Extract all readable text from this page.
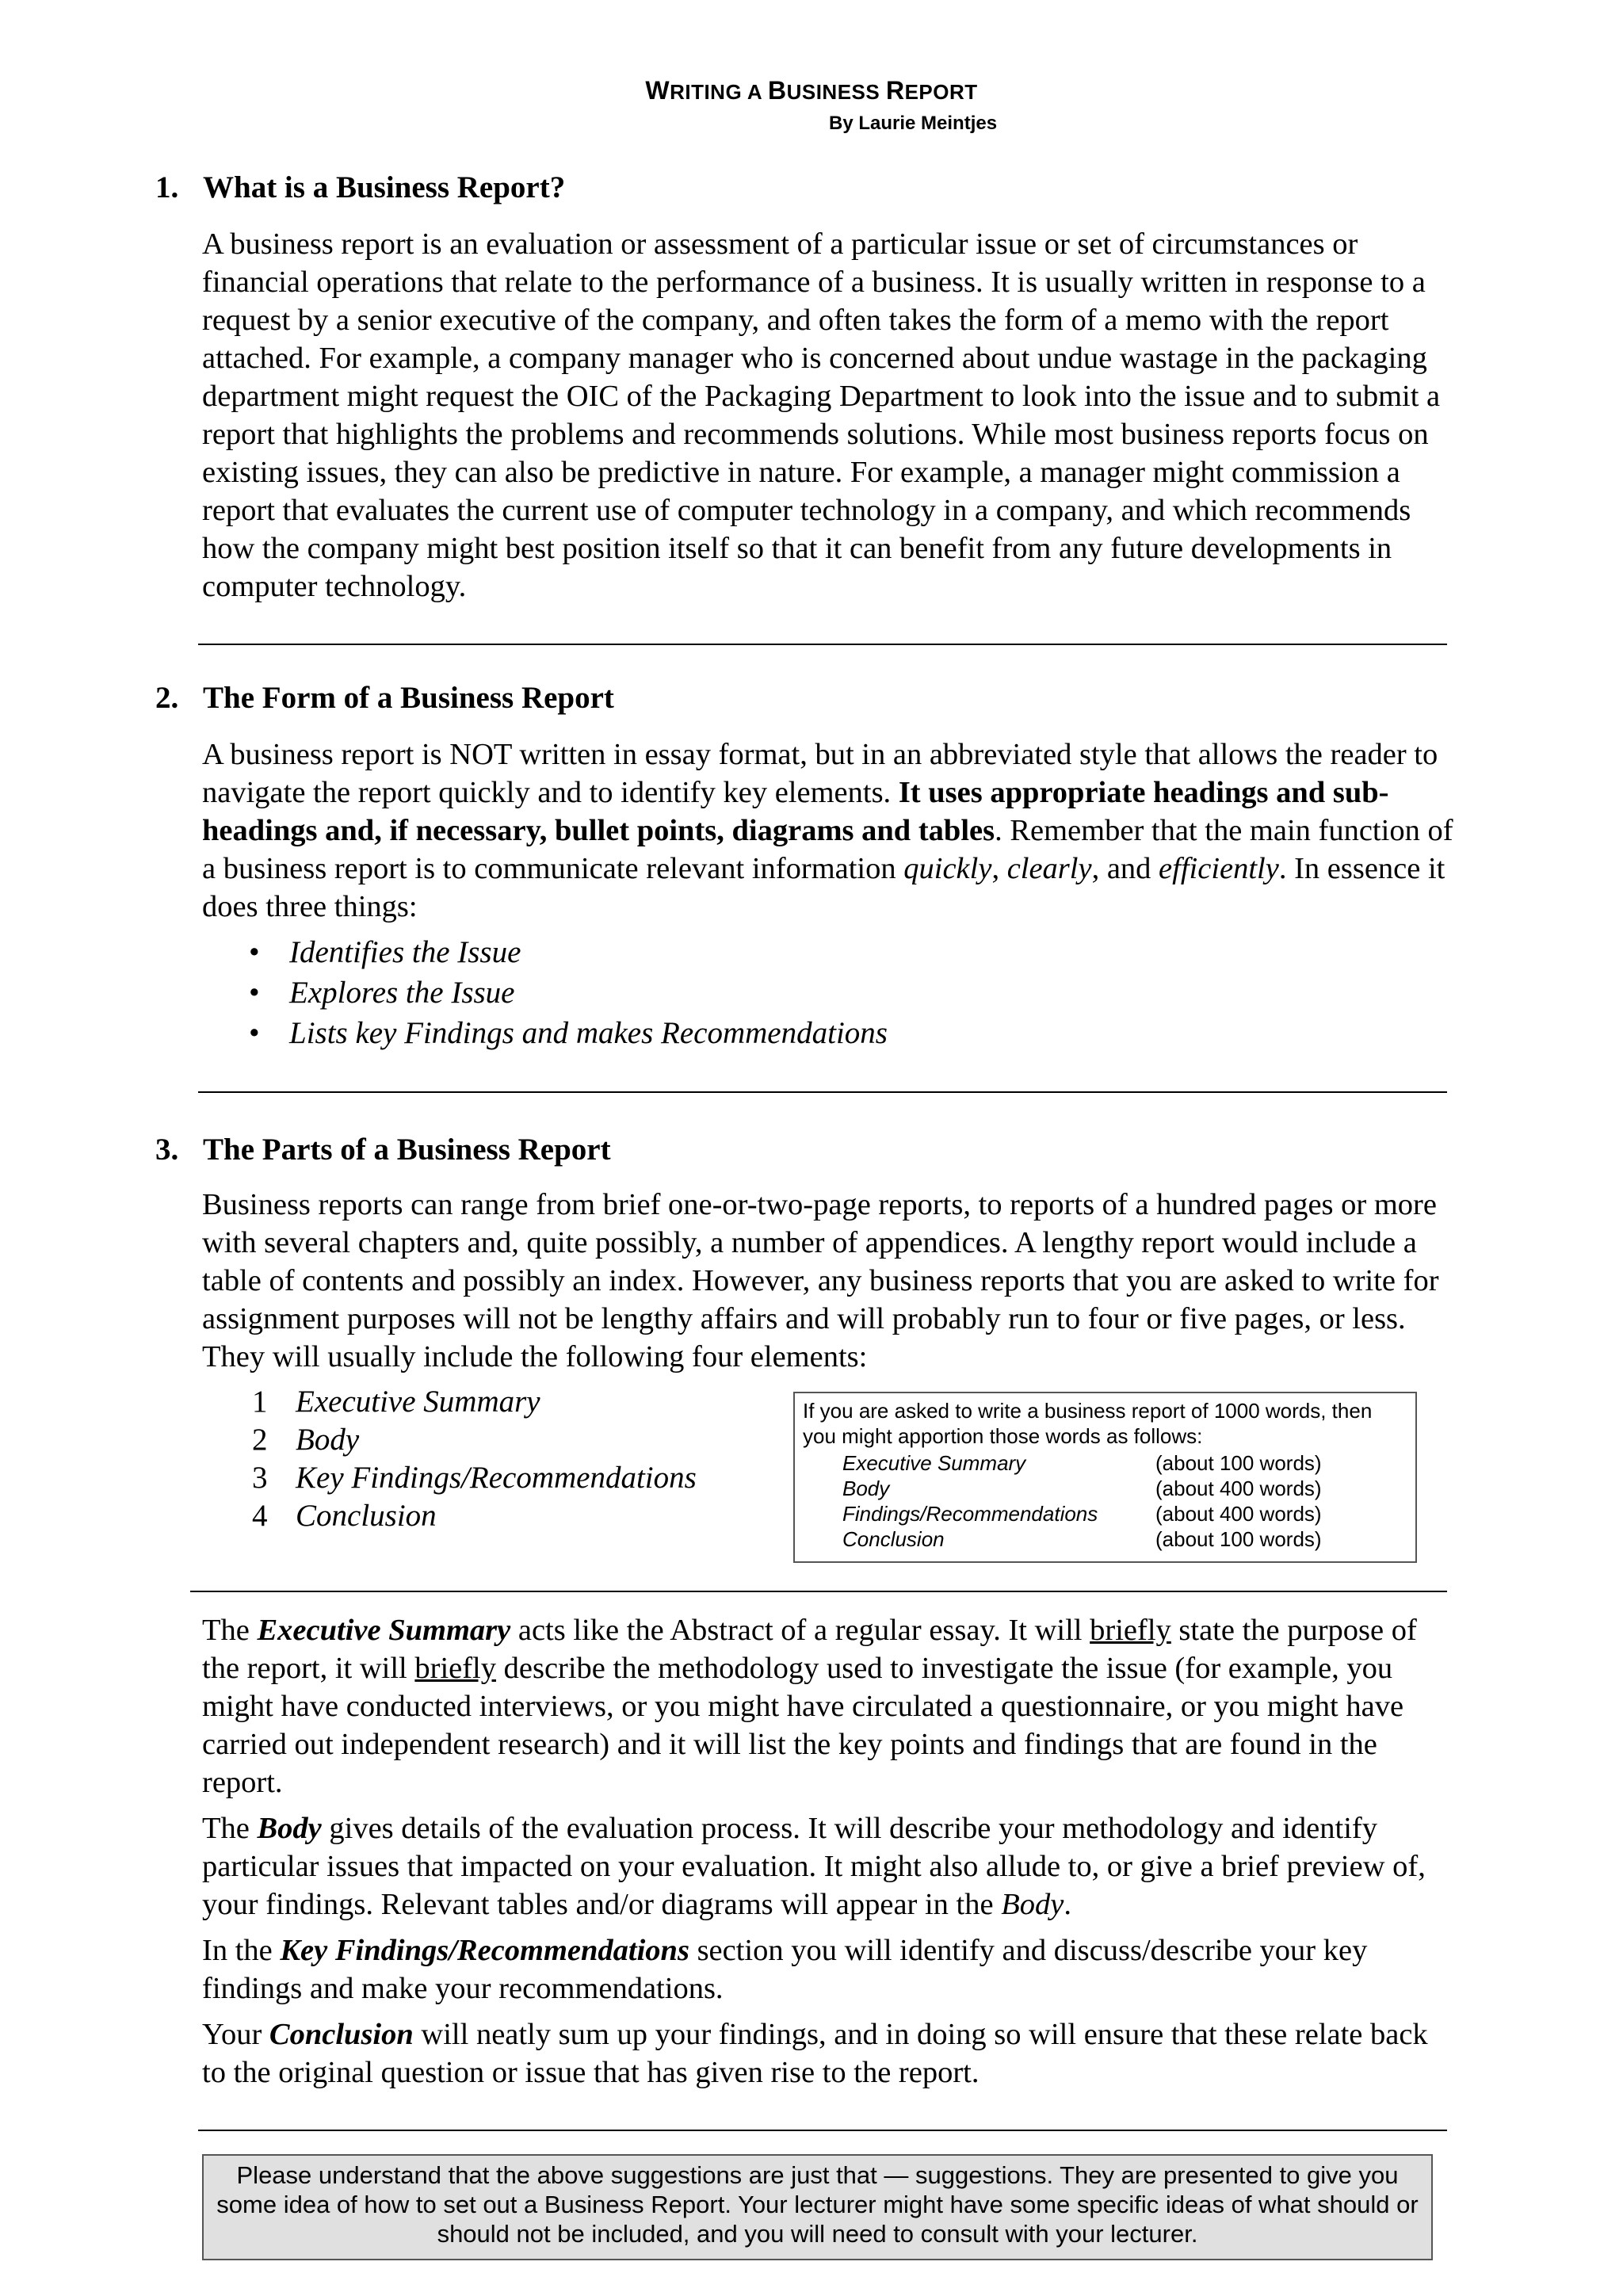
WRITING A BUSINESS REPORT
By Laurie Meintjes
1. What is a Business Report?

A business report is an evaluation or assessment of a particular issue or set of circumstances or financial operations that relate to the performance of a business. It is usually written in response to a request by a senior executive of the company, and often takes the form of a memo with the report attached. For example, a company manager who is concerned about undue wastage in the packaging department might request the OIC of the Packaging Department to look into the issue and to submit a report that highlights the problems and recommends solutions. While most business reports focus on existing issues, they can also be predictive in nature. For example, a manager might commission a report that evaluates the current use of computer technology in a company, and which recommends how the company might best position itself so that it can benefit from any future developments in computer technology.

2. The Form of a Business Report

A business report is NOT written in essay format, but in an abbreviated style that allows the reader to navigate the report quickly and to identify key elements. It uses appropriate headings and sub-headings and, if necessary, bullet points, diagrams and tables. Remember that the main function of a business report is to communicate relevant information quickly, clearly, and efficiently. In essence it does three things:

• Identifies the Issue
• Explores the Issue
• Lists key Findings and makes Recommendations
3. The Parts of a Business Report

Business reports can range from brief one-or-two-page reports, to reports of a hundred pages or more with several chapters and, quite possibly, a number of appendices. A lengthy report would include a table of contents and possibly an index. However, any business reports that you are asked to write for assignment purposes will not be lengthy affairs and will probably run to four or five pages, or less. They will usually include the following four elements:

1 Executive Summary
2 Body
3 Key Findings/Recommendations
4 Conclusion
If you are asked to write a business report of 1000 words, then you might apportion those words as follows:
Executive Summary	(about 100 words)
Body	(about 400 words)
Findings/Recommendations	(about 400 words)
Conclusion	(about 100 words)

The Executive Summary acts like the Abstract of a regular essay. It will briefly state the purpose of the report, it will briefly describe the methodology used to investigate the issue (for example, you might have conducted interviews, or you might have circulated a questionnaire, or you might have carried out independent research) and it will list the key points and findings that are found in the report.

The Body gives details of the evaluation process. It will describe your methodology and identify particular issues that impacted on your evaluation. It might also allude to, or give a brief preview of, your findings. Relevant tables and/or diagrams will appear in the Body.

In the Key Findings/Recommendations section you will identify and discuss/describe your key findings and make your recommendations.

Your Conclusion will neatly sum up your findings, and in doing so will ensure that these relate back to the original question or issue that has given rise to the report.

Please understand that the above suggestions are just that — suggestions. They are presented to give you some idea of how to set out a Business Report. Your lecturer might have some specific ideas of what should or should not be included, and you will need to consult with your lecturer.
